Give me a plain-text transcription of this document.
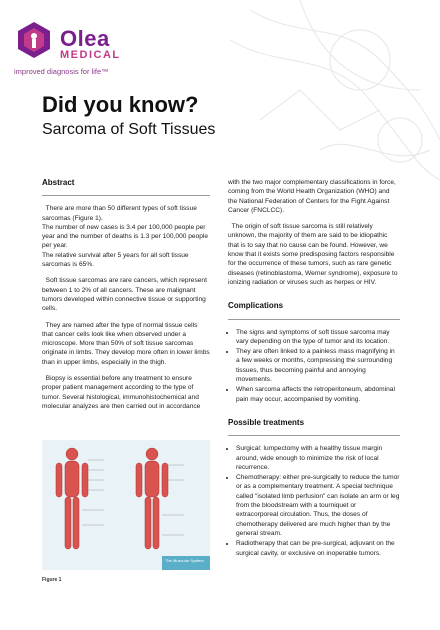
Olea
MEDICAL
improved diagnosis for life™
Did you know?
Sarcoma of Soft Tissues
Abstract

There are more than 50 different types of soft tissue sarcomas (Figure 1).
The number of new cases is 3.4 per 100,000 people per year and the number of deaths is 1.3 per 100,000 people per year.
The relative survival after 5 years for all soft tissue sarcomas is 65%.

Soft tissue sarcomas are rare cancers, which represent between 1 to 2% of all cancers. These are malignant tumors developed within connective tissue or supporting cells.

They are named after the type of normal tissue cells that cancer cells look like when observed under a microscope. More than 50% of soft tissue sarcomas originate in limbs. They develop more often in lower limbs than in upper limbs, especially in the thigh.

Biopsy is essential before any treatment to ensure proper patient management according to the type of tumor. Several histological, immunohistochemical and molecular analyzes are then carried out in accordance

The Muscular System
Figure 1

with the two major complementary classifications in force, coming from the World Health Organization (WHO) and the National Federation of Centers for the Fight Against Cancer (FNCLCC).

The origin of soft tissue sarcoma is still relatively unknown, the majority of them are said to be idiopathic that is to say that no cause can be found. However, we know that it exists some predisposing factors responsible for the occurrence of these tumors, such as rare genetic diseases (retinoblastoma, Werner syndrome), exposure to ionizing radiation or viruses such as herpes or HIV.

Complications
• The signs and symptoms of soft tissue sarcoma may vary depending on the type of tumor and its location.
• They are often linked to a painless mass magnifying in a few weeks or months, compressing the surrounding tissues, thus becoming painful and annoying movements.
• When sarcoma affects the retroperitoneum, abdominal pain may occur, accompanied by vomiting.
Possible treatments
• Surgical: lumpectomy with a healthy tissue margin around, wide enough to minimize the risk of local recurrence.
• Chemotherapy: either pre-surgically to reduce the tumor or as a complementary treatment. A special technique called "isolated limb perfusion" can isolate an arm or leg from the bloodstream with a tourniquet or extracorporeal circulation. Thus, the doses of chemotherapy delivered are much higher than by the general stream.
• Radiotherapy that can be pre-surgical, adjuvant on the surgical cavity, or exclusive on inoperable tumors.
